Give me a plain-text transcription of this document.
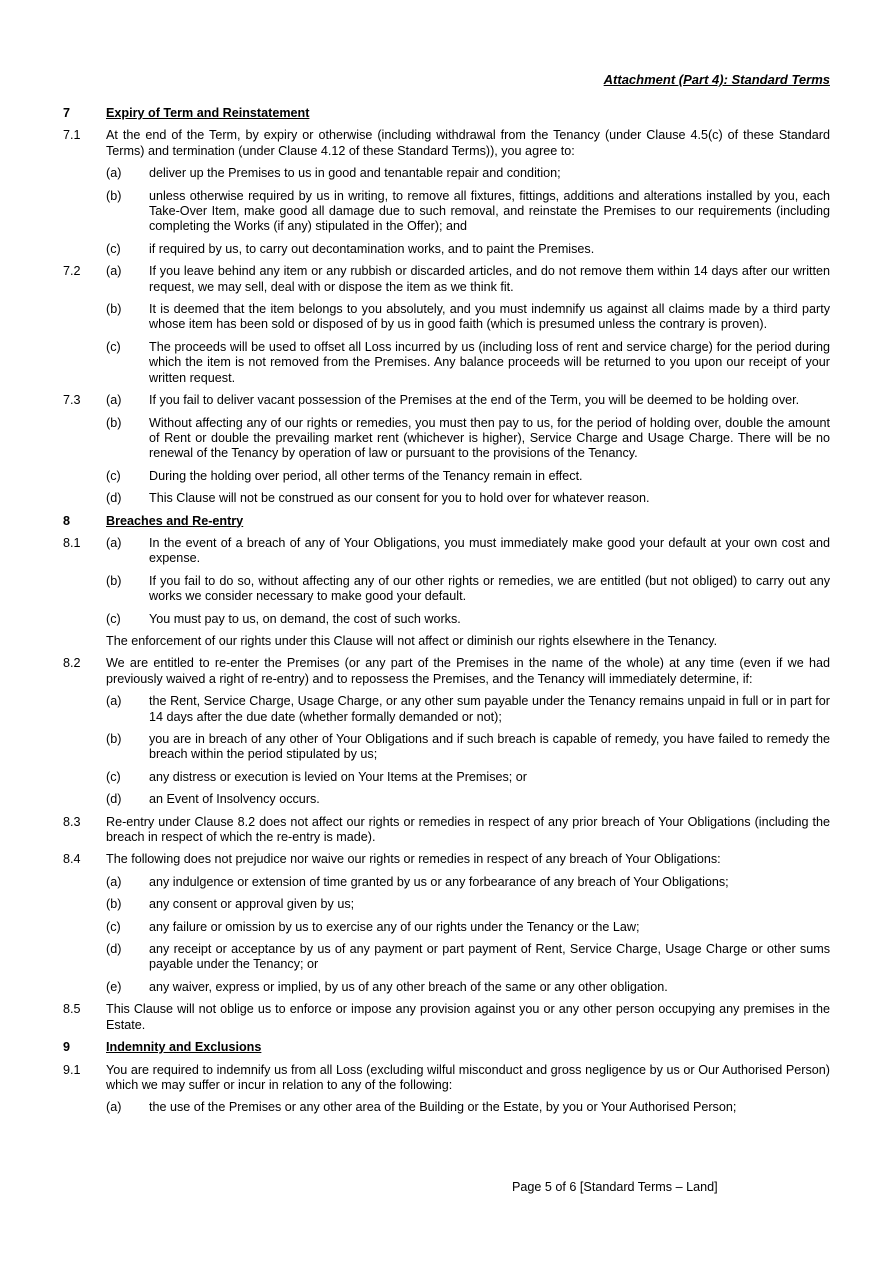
Attachment (Part 4): Standard Terms
7	Expiry of Term and Reinstatement
7.1	At the end of the Term, by expiry or otherwise (including withdrawal from the Tenancy (under Clause 4.5(c) of these Standard Terms) and termination (under Clause 4.12 of these Standard Terms)), you agree to:
(a)	deliver up the Premises to us in good and tenantable repair and condition;
(b)	unless otherwise required by us in writing, to remove all fixtures, fittings, additions and alterations installed by you, each Take-Over Item, make good all damage due to such removal, and reinstate the Premises to our requirements (including completing the Works (if any) stipulated in the Offer); and
(c)	if required by us, to carry out decontamination works, and to paint the Premises.
7.2	(a)	If you leave behind any item or any rubbish or discarded articles, and do not remove them within 14 days after our written request, we may sell, deal with or dispose the item as we think fit.
(b)	It is deemed that the item belongs to you absolutely, and you must indemnify us against all claims made by a third party whose item has been sold or disposed of by us in good faith (which is presumed unless the contrary is proven).
(c)	The proceeds will be used to offset all Loss incurred by us (including loss of rent and service charge) for the period during which the item is not removed from the Premises. Any balance proceeds will be returned to you upon our receipt of your written request.
7.3	(a)	If you fail to deliver vacant possession of the Premises at the end of the Term, you will be deemed to be holding over.
(b)	Without affecting any of our rights or remedies, you must then pay to us, for the period of holding over, double the amount of Rent or double the prevailing market rent (whichever is higher), Service Charge and Usage Charge. There will be no renewal of the Tenancy by operation of law or pursuant to the provisions of the Tenancy.
(c)	During the holding over period, all other terms of the Tenancy remain in effect.
(d)	This Clause will not be construed as our consent for you to hold over for whatever reason.
8	Breaches and Re-entry
8.1	(a)	In the event of a breach of any of Your Obligations, you must immediately make good your default at your own cost and expense.
(b)	If you fail to do so, without affecting any of our other rights or remedies, we are entitled (but not obliged) to carry out any works we consider necessary to make good your default.
(c)	You must pay to us, on demand, the cost of such works.
The enforcement of our rights under this Clause will not affect or diminish our rights elsewhere in the Tenancy.
8.2	We are entitled to re-enter the Premises (or any part of the Premises in the name of the whole) at any time (even if we had previously waived a right of re-entry) and to repossess the Premises, and the Tenancy will immediately determine, if:
(a)	the Rent, Service Charge, Usage Charge, or any other sum payable under the Tenancy remains unpaid in full or in part for 14 days after the due date (whether formally demanded or not);
(b)	you are in breach of any other of Your Obligations and if such breach is capable of remedy, you have failed to remedy the breach within the period stipulated by us;
(c)	any distress or execution is levied on Your Items at the Premises; or
(d)	an Event of Insolvency occurs.
8.3	Re-entry under Clause 8.2 does not affect our rights or remedies in respect of any prior breach of Your Obligations (including the breach in respect of which the re-entry is made).
8.4	The following does not prejudice nor waive our rights or remedies in respect of any breach of Your Obligations:
(a)	any indulgence or extension of time granted by us or any forbearance of any breach of Your Obligations;
(b)	any consent or approval given by us;
(c)	any failure or omission by us to exercise any of our rights under the Tenancy or the Law;
(d)	any receipt or acceptance by us of any payment or part payment of Rent, Service Charge, Usage Charge or other sums payable under the Tenancy; or
(e)	any waiver, express or implied, by us of any other breach of the same or any other obligation.
8.5	This Clause will not oblige us to enforce or impose any provision against you or any other person occupying any premises in the Estate.
9	Indemnity and Exclusions
9.1	You are required to indemnify us from all Loss (excluding wilful misconduct and gross negligence by us or Our Authorised Person) which we may suffer or incur in relation to any of the following:
(a)	the use of the Premises or any other area of the Building or the Estate, by you or Your Authorised Person;
Page 5 of 6 [Standard Terms – Land]
